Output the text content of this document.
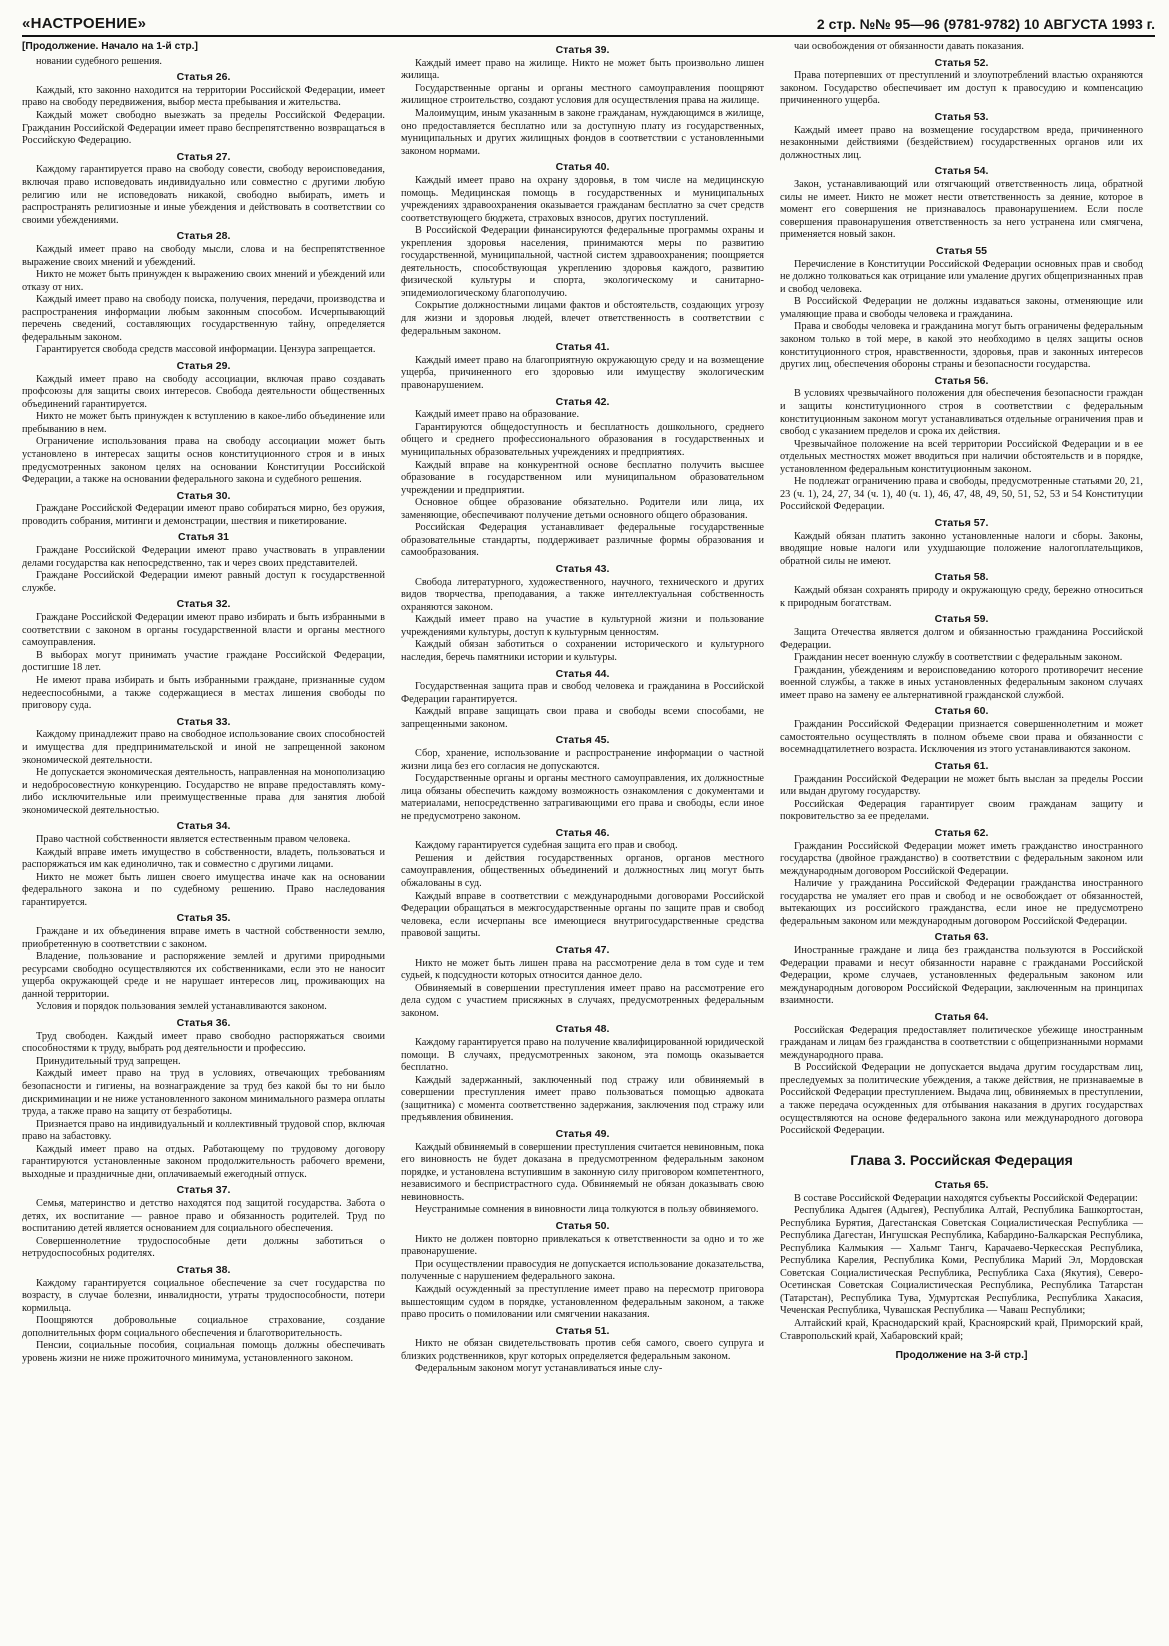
«НАСТРОЕНИЕ»	2 стр. №№ 95—96 (9781-9782) 10 АВГУСТА 1993 г.
[Продолжение. Начало на 1-й стр.]

новании судебного решения.

Статья 26.

Каждый, кто законно находится на территории Российской Федерации, имеет право на свободу передвижения, выбор места пребывания и жительства.

Каждый может свободно выезжать за пределы Российской Федерации. Гражданин Российской Федерации имеет право беспрепятственно возвращаться в Российскую Федерацию.

Статья 27.

Каждому гарантируется право на свободу совести, свободу вероисповедания, включая право исповедовать индивидуально или совместно с другими любую религию или не исповедовать никакой, свободно выбирать, иметь и распространять религиозные и иные убеждения и действовать в соответствии со своими убеждениями.

Статья 28.

Каждый имеет право на свободу мысли, слова и на беспрепятственное выражение своих мнений и убеждений.

Никто не может быть принужден к выражению своих мнений и убеждений или отказу от них.

Каждый имеет право на свободу поиска, получения, передачи, производства и распространения информации любым законным способом. Исчерпывающий перечень сведений, составляющих государственную тайну, определяется федеральным законом.

Гарантируется свобода средств массовой информации. Цензура запрещается.

Статья 29.

Каждый имеет право на свободу ассоциации, включая право создавать профсоюзы для защиты своих интересов. Свобода деятельности общественных объединений гарантируется.

Никто не может быть принужден к вступлению в какое-либо объединение или пребыванию в нем.

Ограничение использования права на свободу ассоциации может быть установлено в интересах защиты основ конституционного строя и в иных предусмотренных законом целях на основании Конституции Российской Федерации, а также на основании федерального закона и судебного решения.

Статья 30.

Граждане Российской Федерации имеют право собираться мирно, без оружия, проводить собрания, митинги и демонстрации, шествия и пикетирование.

Статья 31

Граждане Российской Федерации имеют право участвовать в управлении делами государства как непосредственно, так и через своих представителей.

Граждане Российской Федерации имеют равный доступ к государственной службе.

Статья 32.

Граждане Российской Федерации имеют право избирать и быть избранными в соответствии с законом в органы государственной власти и органы местного самоуправления.

В выборах могут принимать участие граждане Российской Федерации, достигшие 18 лет.

Не имеют права избирать и быть избранными граждане, признанные судом недееспособными, а также содержащиеся в местах лишения свободы по приговору суда.

Статья 33.

Каждому принадлежит право на свободное использование своих способностей и имущества для предпринимательской и иной не запрещенной законом экономической деятельности.

Не допускается экономическая деятельность, направленная на монополизацию и недобросовестную конкуренцию. Государство не вправе предоставлять кому-либо исключительные или преимущественные права для занятия любой экономической деятельностью.

Статья 34.

Право частной собственности является естественным правом человека.

Каждый вправе иметь имущество в собственности, владеть, пользоваться и распоряжаться им как единолично, так и совместно с другими лицами.

Никто не может быть лишен своего имущества иначе как на основании федерального закона и по судебному решению. Право наследования гарантируется.

Статья 35.

Граждане и их объединения вправе иметь в частной собственности землю, приобретенную в соответствии с законом.

Владение, пользование и распоряжение землей и другими природными ресурсами свободно осуществляются их собственниками, если это не наносит ущерба окружающей среде и не нарушает интересов лиц, проживающих на данной территории.

Условия и порядок пользования землей устанавливаются законом.

Статья 36.

Труд свободен. Каждый имеет право свободно распоряжаться своими способностями к труду, выбрать род деятельности и профессию.

Принудительный труд запрещен.

Каждый имеет право на труд в условиях, отвечающих требованиям безопасности и гигиены, на вознаграждение за труд без какой бы то ни было дискриминации и не ниже установленного законом минимального размера оплаты труда, а также право на защиту от безработицы.

Признается право на индивидуальный и коллективный трудовой спор, включая право на забастовку.

Каждый имеет право на отдых. Работающему по трудовому договору гарантируются установленные законом продолжительность рабочего времени, выходные и праздничные дни, оплачиваемый ежегодный отпуск.

Статья 37.

Семья, материнство и детство находятся под защитой государства. Забота о детях, их воспитание — равное право и обязанность родителей. Труд по воспитанию детей является основанием для социального обеспечения.

Совершеннолетние трудоспособные дети должны заботиться о нетрудоспособных родителях.

Статья 38.

Каждому гарантируется социальное обеспечение за счет государства по возрасту, в случае болезни, инвалидности, утраты трудоспособности, потери кормильца.

Поощряются добровольные социальное страхование, создание дополнительных форм социального обеспечения и благотворительность.

Пенсии, социальные пособия, социальная помощь должны обеспечивать уровень жизни не ниже прожиточного минимума, установленного законом.

Статья 39.

Каждый имеет право на жилище. Никто не может быть произвольно лишен жилища.

Государственные органы и органы местного самоуправления поощряют жилищное строительство, создают условия для осуществления права на жилище.

Малоимущим, иным указанным в законе гражданам, нуждающимся в жилище, оно предоставляется бесплатно или за доступную плату из государственных, муниципальных и других жилищных фондов в соответствии с установленными законом нормами.

Статья 40.

Каждый имеет право на охрану здоровья, в том числе на медицинскую помощь. Медицинская помощь в государственных и муниципальных учреждениях здравоохранения оказывается гражданам бесплатно за счет средств соответствующего бюджета, страховых взносов, других поступлений.

В Российской Федерации финансируются федеральные программы охраны и укрепления здоровья населения, принимаются меры по развитию государственной, муниципальной, частной систем здравоохранения; поощряется деятельность, способствующая укреплению здоровья каждого, развитию физической культуры и спорта, экологическому и санитарно-эпидемиологическому благополучию.

Сокрытие должностными лицами фактов и обстоятельств, создающих угрозу для жизни и здоровья людей, влечет ответственность в соответствии с федеральным законом.

Статья 41.

Каждый имеет право на благоприятную окружающую среду и на возмещение ущерба, причиненного его здоровью или имуществу экологическим правонарушением.

Статья 42.

Каждый имеет право на образование.

Гарантируются общедоступность и бесплатность дошкольного, среднего общего и среднего профессионального образования в государственных и муниципальных образовательных учреждениях и предприятиях.

Каждый вправе на конкурентной основе бесплатно получить высшее образование в государственном или муниципальном образовательном учреждении и предприятии.

Основное общее образование обязательно. Родители или лица, их заменяющие, обеспечивают получение детьми основного общего образования.

Российская Федерация устанавливает федеральные государственные образовательные стандарты, поддерживает различные формы образования и самообразования.

Статья 43.

Свобода литературного, художественного, научного, технического и других видов творчества, преподавания, а также интеллектуальная собственность охраняются законом.

Каждый имеет право на участие в культурной жизни и пользование учреждениями культуры, доступ к культурным ценностям.

Каждый обязан заботиться о сохранении исторического и культурного наследия, беречь памятники истории и культуры.

Статья 44.

Государственная защита прав и свобод человека и гражданина в Российской Федерации гарантируется.

Каждый вправе защищать свои права и свободы всеми способами, не запрещенными законом.

Статья 45.

Сбор, хранение, использование и распространение информации о частной жизни лица без его согласия не допускаются.

Государственные органы и органы местного самоуправления, их должностные лица обязаны обеспечить каждому возможность ознакомления с документами и материалами, непосредственно затрагивающими его права и свободы, если иное не предусмотрено законом.

Статья 46.

Каждому гарантируется судебная защита его прав и свобод.

Решения и действия государственных органов, органов местного самоуправления, общественных объединений и должностных лиц могут быть обжалованы в суд.

Каждый вправе в соответствии с международными договорами Российской Федерации обращаться в межгосударственные органы по защите прав и свобод человека, если исчерпаны все имеющиеся внутригосударственные средства правовой защиты.

Статья 47.

Никто не может быть лишен права на рассмотрение дела в том суде и тем судьей, к подсудности которых относится данное дело.

Обвиняемый в совершении преступления имеет право на рассмотрение его дела судом с участием присяжных в случаях, предусмотренных федеральным законом.

Статья 48.

Каждому гарантируется право на получение квалифицированной юридической помощи. В случаях, предусмотренных законом, эта помощь оказывается бесплатно.

Каждый задержанный, заключенный под стражу или обвиняемый в совершении преступления имеет право пользоваться помощью адвоката (защитника) с момента соответственно задержания, заключения под стражу или предъявления обвинения.

Статья 49.

Каждый обвиняемый в совершении преступления считается невиновным, пока его виновность не будет доказана в предусмотренном федеральным законом порядке, и установлена вступившим в законную силу приговором компетентного, независимого и беспристрастного суда. Обвиняемый не обязан доказывать свою невиновность.

Неустранимые сомнения в виновности лица толкуются в пользу обвиняемого.

Статья 50.

Никто не должен повторно привлекаться к ответственности за одно и то же правонарушение.

При осуществлении правосудия не допускается использование доказательства, полученные с нарушением федерального закона.

Каждый осужденный за преступление имеет право на пересмотр приговора вышестоящим судом в порядке, установленном федеральным законом, а также право просить о помиловании или смягчении наказания.

Статья 51.

Никто не обязан свидетельствовать против себя самого, своего супруга и близких родственников, круг которых определяется федеральным законом.

Федеральным законом могут устанавливаться иные слу-

чаи освобождения от обязанности давать показания.

Статья 52.

Права потерпевших от преступлений и злоупотреблений властью охраняются законом. Государство обеспечивает им доступ к правосудию и компенсацию причиненного ущерба.

Статья 53.

Каждый имеет право на возмещение государством вреда, причиненного незаконными действиями (бездействием) государственных органов или их должностных лиц.

Статья 54.

Закон, устанавливающий или отягчающий ответственность лица, обратной силы не имеет. Никто не может нести ответственность за деяние, которое в момент его совершения не признавалось правонарушением. Если после совершения правонарушения ответственность за него устранена или смягчена, применяется новый закон.

Статья 55

Перечисление в Конституции Российской Федерации основных прав и свобод не должно толковаться как отрицание или умаление других общепризнанных прав и свобод человека.

В Российской Федерации не должны издаваться законы, отменяющие или умаляющие права и свободы человека и гражданина.

Права и свободы человека и гражданина могут быть ограничены федеральным законом только в той мере, в какой это необходимо в целях защиты основ конституционного строя, нравственности, здоровья, прав и законных интересов других лиц, обеспечения обороны страны и безопасности государства.

Статья 56.

В условиях чрезвычайного положения для обеспечения безопасности граждан и защиты конституционного строя в соответствии с федеральным конституционным законом могут устанавливаться отдельные ограничения прав и свобод с указанием пределов и срока их действия.

Чрезвычайное положение на всей территории Российской Федерации и в ее отдельных местностях может вводиться при наличии обстоятельств и в порядке, установленном федеральным конституционным законом.

Не подлежат ограничению права и свободы, предусмотренные статьями 20, 21, 23 (ч. 1), 24, 27, 34 (ч. 1), 40 (ч. 1), 46, 47, 48, 49, 50, 51, 52, 53 и 54 Конституции Российской Федерации.

Статья 57.

Каждый обязан платить законно установленные налоги и сборы. Законы, вводящие новые налоги или ухудшающие положение налогоплательщиков, обратной силы не имеют.

Статья 58.

Каждый обязан сохранять природу и окружающую среду, бережно относиться к природным богатствам.

Статья 59.

Защита Отечества является долгом и обязанностью гражданина Российской Федерации.

Гражданин несет военную службу в соответствии с федеральным законом.

Гражданин, убеждениям и вероисповеданию которого противоречит несение военной службы, а также в иных установленных федеральным законом случаях имеет право на замену ее альтернативной гражданской службой.

Статья 60.

Гражданин Российской Федерации признается совершеннолетним и может самостоятельно осуществлять в полном объеме свои права и обязанности с восемнадцатилетнего возраста. Исключения из этого устанавливаются законом.

Статья 61.

Гражданин Российской Федерации не может быть выслан за пределы России или выдан другому государству.

Российская Федерация гарантирует своим гражданам защиту и покровительство за ее пределами.

Статья 62.

Гражданин Российской Федерации может иметь гражданство иностранного государства (двойное гражданство) в соответствии с федеральным законом или международным договором Российской Федерации.

Наличие у гражданина Российской Федерации гражданства иностранного государства не умаляет его прав и свобод и не освобождает от обязанностей, вытекающих из российского гражданства, если иное не предусмотрено федеральным законом или международным договором Российской Федерации.

Статья 63.

Иностранные граждане и лица без гражданства пользуются в Российской Федерации правами и несут обязанности наравне с гражданами Российской Федерации, кроме случаев, установленных федеральным законом или международным договором Российской Федерации, заключенным на принципах взаимности.

Статья 64.

Российская Федерация предоставляет политическое убежище иностранным гражданам и лицам без гражданства в соответствии с общепризнанными нормами международного права.

В Российской Федерации не допускается выдача другим государствам лиц, преследуемых за политические убеждения, а также действия, не признаваемые в Российской Федерации преступлением. Выдача лиц, обвиняемых в преступлении, а также передача осужденных для отбывания наказания в других государствах осуществляются на основе федерального закона или международного договора Российской Федерации.

Глава 3. Российская Федерация
Статья 65.

В составе Российской Федерации находятся субъекты Российской Федерации:

Республика Адыгея (Адыгея), Республика Алтай, Республика Башкортостан, Республика Бурятия, Дагестанская Советская Социалистическая Республика — Республика Дагестан, Ингушская Республика, Кабардино-Балкарская Республика, Республика Калмыкия — Хальмг Тангч, Карачаево-Черкесская Республика, Республика Карелия, Республика Коми, Республика Марий Эл, Мордовская Советская Социалистическая Республика, Республика Саха (Якутия), Северо-Осетинская Советская Социалистическая Республика, Республика Татарстан (Татарстан), Республика Тува, Удмуртская Республика, Республика Хакасия, Чеченская Республика, Чувашская Республика — Чаваш Республики;

Алтайский край, Краснодарский край, Красноярский край, Приморский край, Ставропольский край, Хабаровский край;

Продолжение на 3-й стр.]
